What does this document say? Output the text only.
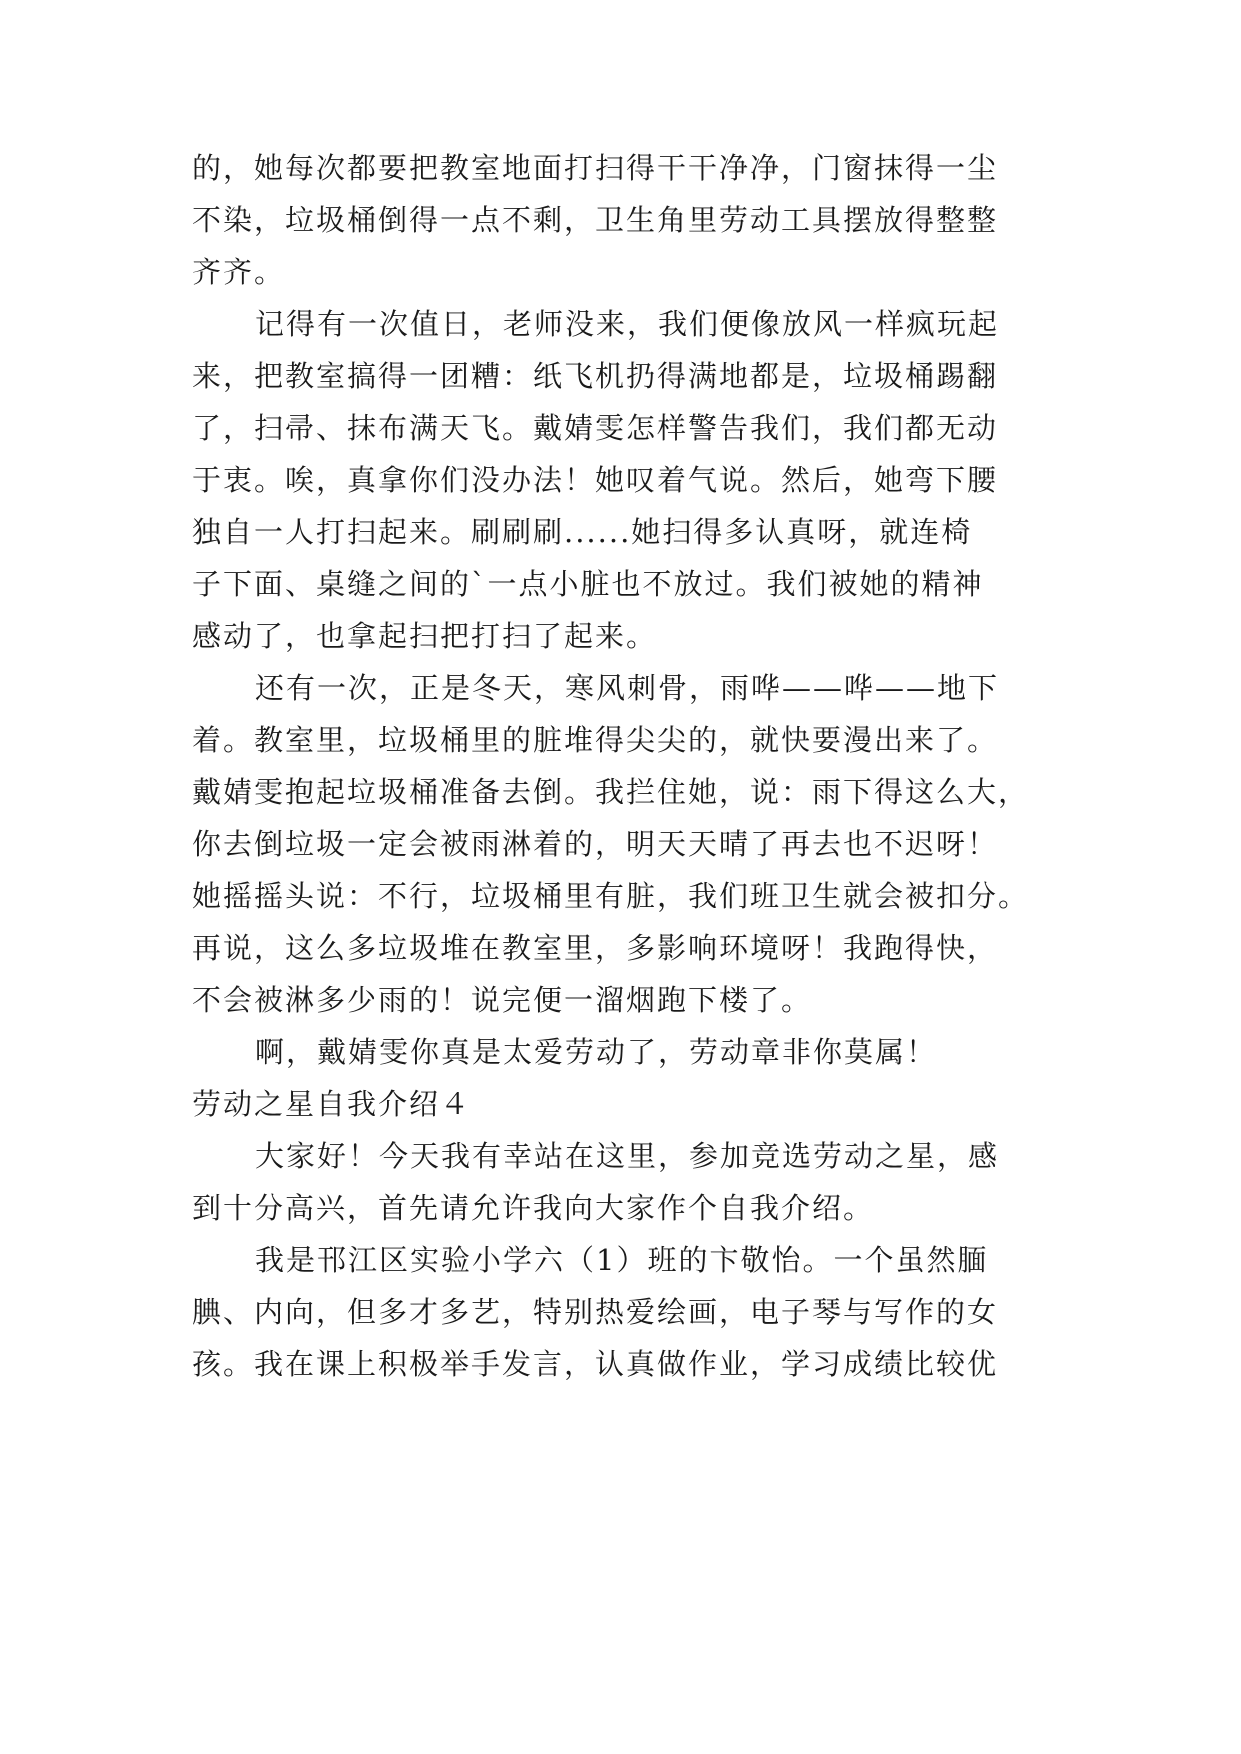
的，她每次都要把教室地面打扫得干干净净，门窗抹得一尘
不染，垃圾桶倒得一点不剩，卫生角里劳动工具摆放得整整
齐齐。
记得有一次值日，老师没来，我们便像放风一样疯玩起
来，把教室搞得一团糟：纸飞机扔得满地都是，垃圾桶踢翻
了，扫帚、抹布满天飞。戴婧雯怎样警告我们，我们都无动
于衷。唉，真拿你们没办法！她叹着气说。然后，她弯下腰
独自一人打扫起来。刷刷刷......她扫得多认真呀，就连椅
子下面、桌缝之间的`一点小脏也不放过。我们被她的精神
感动了，也拿起扫把打扫了起来。
还有一次，正是冬天，寒风刺骨，雨哗——哗——地下
着。教室里，垃圾桶里的脏堆得尖尖的，就快要漫出来了。
戴婧雯抱起垃圾桶准备去倒。我拦住她，说：雨下得这么大，
你去倒垃圾一定会被雨淋着的，明天天晴了再去也不迟呀！
她摇摇头说：不行，垃圾桶里有脏，我们班卫生就会被扣分。
再说，这么多垃圾堆在教室里，多影响环境呀！我跑得快，
不会被淋多少雨的！说完便一溜烟跑下楼了。
啊，戴婧雯你真是太爱劳动了，劳动章非你莫属！
劳动之星自我介绍４
大家好！今天我有幸站在这里，参加竞选劳动之星，感
到十分高兴，首先请允许我向大家作个自我介绍。
我是邗江区实验小学六（1）班的卞敬怡。一个虽然腼
腆、内向，但多才多艺，特别热爱绘画，电子琴与写作的女
孩。我在课上积极举手发言，认真做作业，学习成绩比较优
